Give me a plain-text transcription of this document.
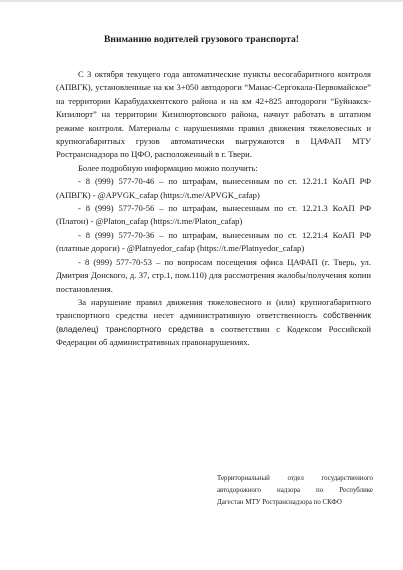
Вниманию водителей грузового транспорта!

С 3 октября текущего года автоматические пункты весогабаритного контроля (АПВГК), установленные на км 3+050 автодороги “Манас-Сергокала-Первомайское” на территории Карабудахкентского района и на км 42+825 автодороги “Буйнакск-Кизилюрт” на территории Кизилюртовского района, начнут работать в штатном режиме контроля. Материалы с нарушениями правил движения тяжеловесных и крупногабаритных грузов автоматически выгружаются в ЦАФАП МТУ Ространснадзора по ЦФО, расположенный в г. Твери.

Более подробную информацию можно получить:

- 8 (999) 577-70-46 – по штрафам, вынесенным по ст. 12.21.1 КоАП РФ (АПВГК) - @APVGK_cafap (https://t.me/APVGK_cafap)

- 8 (999) 577-70-56 – по штрафам, вынесенным по ст. 12.21.3 КоАП РФ (Платон) - @Platon_cafap (https://t.me/Platon_cafap)

- 8 (999) 577-70-36 – по штрафам, вынесенным по ст. 12.21.4 КоАП РФ (платные дороги) - @Platnyedor_cafap (https://t.me/Platnyedor_cafap)

- 8 (999) 577-70-53 – по вопросам посещения офиса ЦАФАП (г. Тверь, ул. Дмитрия Донского, д. 37, стр.1, пом.110) для рассмотрения жалобы/получения копии постановления.

За нарушение правил движения тяжеловесного и (или) крупногабаритного транспортного средства несет административную ответственность собственник (владелец) транспортного средства в соответствии с Кодексом Российской Федерации об административных правонарушениях.

Территориальный отдел государственного
автодорожного надзора по Республике
Дагестан МТУ Ространснадзора по СКФО
